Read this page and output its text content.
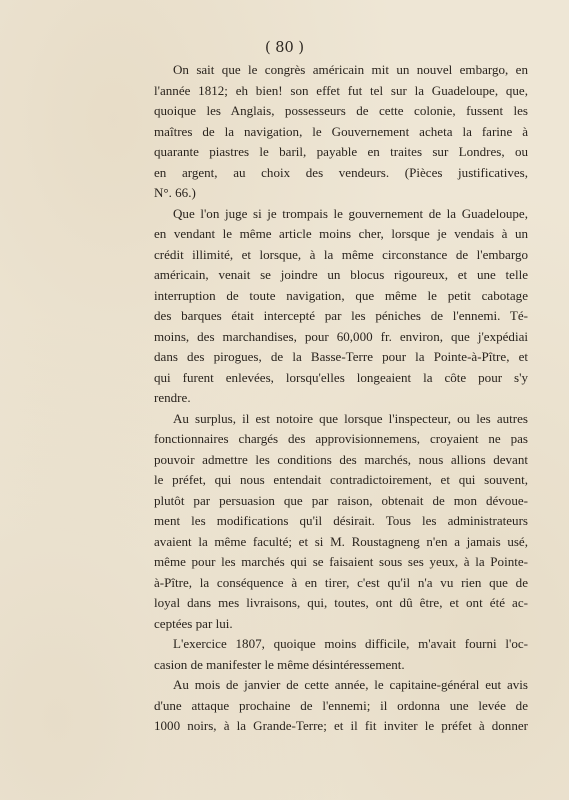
( 80 )
On sait que le congrès américain mit un nouvel embargo, en
l'année 1812; eh bien! son effet fut tel sur la Guadeloupe, que,
quoique les Anglais, possesseurs de cette colonie, fussent les
maîtres de la navigation, le Gouvernement acheta la farine à
quarante piastres le baril, payable en traites sur Londres, ou
en argent, au choix des vendeurs. (Pièces justificatives,
N°. 66.)
Que l'on juge si je trompais le gouvernement de la Guadeloupe,
en vendant le même article moins cher, lorsque je vendais à un
crédit illimité, et lorsque, à la même circonstance de l'embargo
américain, venait se joindre un blocus rigoureux, et une telle
interruption de toute navigation, que même le petit cabotage
des barques était intercepté par les péniches de l'ennemi. Té-
moins, des marchandises, pour 60,000 fr. environ, que j'expédiai
dans des pirogues, de la Basse-Terre pour la Pointe-à-Pître, et
qui furent enlevées, lorsqu'elles longeaient la côte pour s'y
rendre.
Au surplus, il est notoire que lorsque l'inspecteur, ou les autres
fonctionnaires chargés des approvisionnemens, croyaient ne pas
pouvoir admettre les conditions des marchés, nous allions devant
le préfet, qui nous entendait contradictoirement, et qui souvent,
plutôt par persuasion que par raison, obtenait de mon dévoue-
ment les modifications qu'il désirait. Tous les administrateurs
avaient la même faculté; et si M. Roustagneng n'en a jamais usé,
même pour les marchés qui se faisaient sous ses yeux, à la Pointe-
à-Pître, la conséquence à en tirer, c'est qu'il n'a vu rien que de
loyal dans mes livraisons, qui, toutes, ont dû être, et ont été ac-
ceptées par lui.
L'exercice 1807, quoique moins difficile, m'avait fourni l'oc-
casion de manifester le même désintéressement.
Au mois de janvier de cette année, le capitaine-général eut avis
d'une attaque prochaine de l'ennemi; il ordonna une levée de
1000 noirs, à la Grande-Terre; et il fit inviter le préfet à donner
